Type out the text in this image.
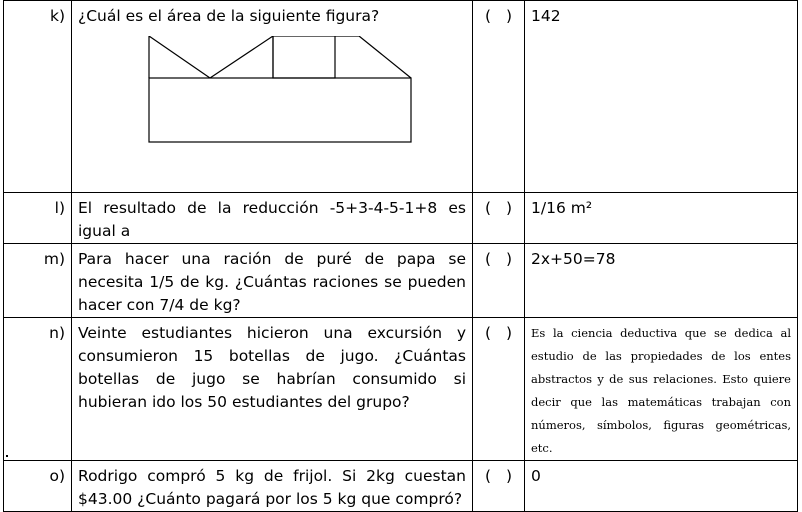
k)	¿Cuál es el área de la siguiente figura?	( )	142
l)	El resultado de la reducción -5+3-4-5-1+8 es igual a	( )	1/16 m²
m)	Para hacer una ración de puré de papa se necesita 1/5 de kg. ¿Cuántas raciones se pueden hacer con 7/4 de kg?	( )	2x+50=78
n)	Veinte estudiantes hicieron una excursión y consumieron 15 botellas de jugo. ¿Cuántas botellas de jugo se habrían consumido si hubieran ido los 50 estudiantes del grupo?	( )	Es la ciencia deductiva que se dedica al estudio de las propiedades de los entes abstractos y de sus relaciones. Esto quiere decir que las matemáticas trabajan con números, símbolos, figuras geométricas, etc.
o)	Rodrigo compró 5 kg de frijol. Si 2kg cuestan $43.00 ¿Cuánto pagará por los 5 kg que compró?	( )	0
